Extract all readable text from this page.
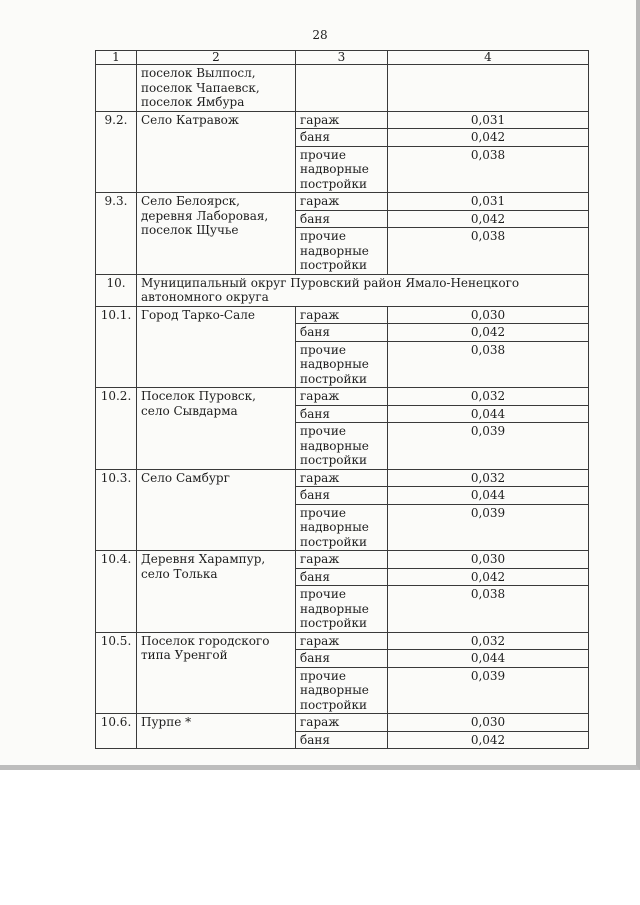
28
1	2	3	4

	поселок Вылпосл,
поселок Чапаевск,
поселок Ямбура		

9.2.	Село Катравож	гараж	0,031
		баня	0,042

		прочие
надворные
постройки	0,038
9.3.	Село Белоярск,
деревня Лаборовая,
поселок Щучье	гараж	0,031
		баня	0,042

		прочие
надворные
постройки	0,038
10.	Муниципальный округ Пуровский район Ямало-Ненецкого
автономного округа		

10.1.	Город Тарко-Сале	гараж	0,030
		баня	0,042

		прочие
надворные
постройки	0,038
10.2.	Поселок Пуровск,
село Сывдарма	гараж	0,032
		баня	0,044

		прочие
надворные
постройки	0,039
10.3.	Село Самбург	гараж	0,032
		баня	0,044

		прочие
надворные
постройки	0,039
10.4.	Деревня Харампур,
село Толька	гараж	0,030
		баня	0,042

		прочие
надворные
постройки	0,038
10.5.	Поселок городского
типа Уренгой	гараж	0,032
		баня	0,044

		прочие
надворные
постройки	0,039
10.6.	Пурпе *	гараж	0,030
		баня	0,042
